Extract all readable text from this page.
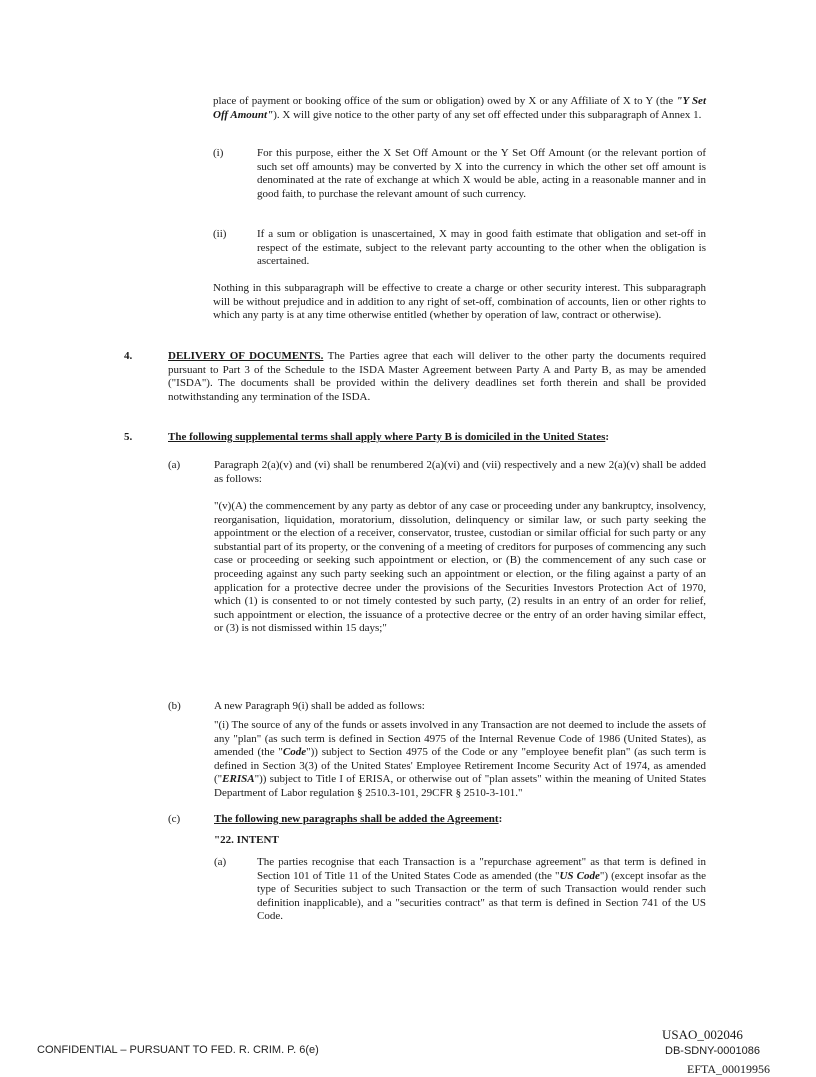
place of payment or booking office of the sum or obligation) owed by X or any Affiliate of X to Y (the "Y Set Off Amount"). X will give notice to the other party of any set off effected under this subparagraph of Annex 1.

(i)	For this purpose, either the X Set Off Amount or the Y Set Off Amount (or the relevant portion of such set off amounts) may be converted by X into the currency in which the other set off amount is denominated at the rate of exchange at which X would be able, acting in a reasonable manner and in good faith, to purchase the relevant amount of such currency.

(ii)	If a sum or obligation is unascertained, X may in good faith estimate that obligation and set-off in respect of the estimate, subject to the relevant party accounting to the other when the obligation is ascertained.

Nothing in this subparagraph will be effective to create a charge or other security interest. This subparagraph will be without prejudice and in addition to any right of set-off, combination of accounts, lien or other rights to which any party is at any time otherwise entitled (whether by operation of law, contract or otherwise).

4.	DELIVERY OF DOCUMENTS. The Parties agree that each will deliver to the other party the documents required pursuant to Part 3 of the Schedule to the ISDA Master Agreement between Party A and Party B, as may be amended ("ISDA"). The documents shall be provided within the delivery deadlines set forth therein and shall be provided notwithstanding any termination of the ISDA.

5.	The following supplemental terms shall apply where Party B is domiciled in the United States:

(a)	Paragraph 2(a)(v) and (vi) shall be renumbered 2(a)(vi) and (vii) respectively and a new 2(a)(v) shall be added as follows:

"(v)(A) the commencement by any party as debtor of any case or proceeding under any bankruptcy, insolvency, reorganisation, liquidation, moratorium, dissolution, delinquency or similar law, or such party seeking the appointment or the election of a receiver, conservator, trustee, custodian or similar official for such party or any substantial part of its property, or the convening of a meeting of creditors for purposes of commencing any such case or proceeding or seeking such appointment or election, or (B) the commencement of any such case or proceeding against any such party seeking such an appointment or election, or the filing against a party of an application for a protective decree under the provisions of the Securities Investors Protection Act of 1970, which (1) is consented to or not timely contested by such party, (2) results in an entry of an order for relief, such appointment or election, the issuance of a protective decree or the entry of an order having similar effect, or (3) is not dismissed within 15 days;"

(b)	A new Paragraph 9(i) shall be added as follows:

"(i) The source of any of the funds or assets involved in any Transaction are not deemed to include the assets of any "plan" (as such term is defined in Section 4975 of the Internal Revenue Code of 1986 (United States), as amended (the "Code")) subject to Section 4975 of the Code or any "employee benefit plan" (as such term is defined in Section 3(3) of the United States' Employee Retirement Income Security Act of 1974, as amended ("ERISA")) subject to Title I of ERISA, or otherwise out of "plan assets" within the meaning of United States Department of Labor regulation § 2510.3-101, 29CFR § 2510-3-101."

(c)	The following new paragraphs shall be added the Agreement:

"22. INTENT

(a)	The parties recognise that each Transaction is a "repurchase agreement" as that term is defined in Section 101 of Title 11 of the United States Code as amended (the "US Code") (except insofar as the type of Securities subject to such Transaction or the term of such Transaction would render such definition inapplicable), and a "securities contract" as that term is defined in Section 741 of the US Code.

CONFIDENTIAL – PURSUANT TO FED. R. CRIM. P. 6(e)
USAO_002046
DB-SDNY-0001086
EFTA_00019956
